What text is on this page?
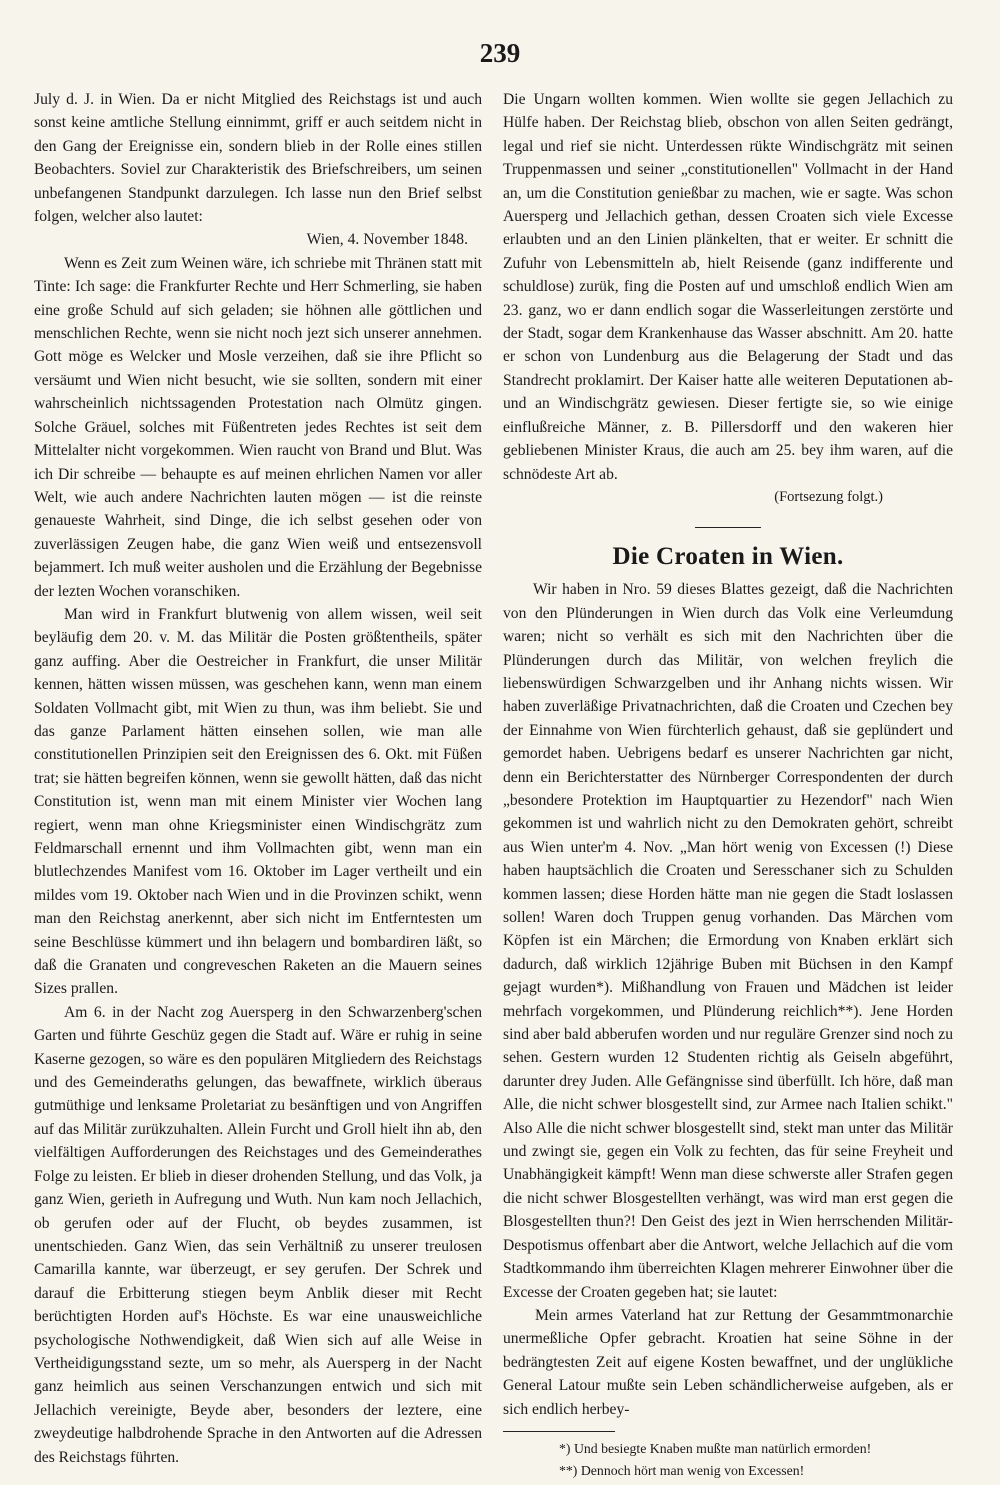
239

July d. J. in Wien. Da er nicht Mitglied des Reichstags ist und auch sonst keine amtliche Stellung einnimmt, griff er auch seitdem nicht in den Gang der Ereignisse ein, sondern blieb in der Rolle eines stillen Beobachters. Soviel zur Charakteristik des Briefschreibers, um seinen unbefangenen Standpunkt darzulegen. Ich lasse nun den Brief selbst folgen, welcher also lautet:

Wien, 4. November 1848.

Wenn es Zeit zum Weinen wäre, ich schriebe mit Thränen statt mit Tinte: Ich sage: die Frankfurter Rechte und Herr Schmerling, sie haben eine große Schuld auf sich geladen; sie höhnen alle göttlichen und menschlichen Rechte, wenn sie nicht noch jezt sich unserer annehmen. Gott möge es Welcker und Mosle verzeihen, daß sie ihre Pflicht so versäumt und Wien nicht besucht, wie sie sollten, sondern mit einer wahrscheinlich nichtssagenden Protestation nach Olmütz gingen. Solche Gräuel, solches mit Füßentreten jedes Rechtes ist seit dem Mittelalter nicht vorgekommen. Wien raucht von Brand und Blut. Was ich Dir schreibe — behaupte es auf meinen ehrlichen Namen vor aller Welt, wie auch andere Nachrichten lauten mögen — ist die reinste genaueste Wahrheit, sind Dinge, die ich selbst gesehen oder von zuverlässigen Zeugen habe, die ganz Wien weiß und entsezensvoll bejammert. Ich muß weiter ausholen und die Erzählung der Begebnisse der lezten Wochen voranschiken.

Man wird in Frankfurt blutwenig von allem wissen, weil seit beyläufig dem 20. v. M. das Militär die Posten größtentheils, später ganz auffing. Aber die Oestreicher in Frankfurt, die unser Militär kennen, hätten wissen müssen, was geschehen kann, wenn man einem Soldaten Vollmacht gibt, mit Wien zu thun, was ihm beliebt. Sie und das ganze Parlament hätten einsehen sollen, wie man alle constitutionellen Prinzipien seit den Ereignissen des 6. Okt. mit Füßen trat; sie hätten begreifen können, wenn sie gewollt hätten, daß das nicht Constitution ist, wenn man mit einem Minister vier Wochen lang regiert, wenn man ohne Kriegsminister einen Windischgrätz zum Feldmarschall ernennt und ihm Vollmachten gibt, wenn man ein blutlechzendes Manifest vom 16. Oktober im Lager vertheilt und ein mildes vom 19. Oktober nach Wien und in die Provinzen schikt, wenn man den Reichstag anerkennt, aber sich nicht im Entferntesten um seine Beschlüsse kümmert und ihn belagern und bombardiren läßt, so daß die Granaten und congreveschen Raketen an die Mauern seines Sizes prallen.

Am 6. in der Nacht zog Auersperg in den Schwarzenberg'schen Garten und führte Geschüz gegen die Stadt auf. Wäre er ruhig in seine Kaserne gezogen, so wäre es den populären Mitgliedern des Reichstags und des Gemeinderaths gelungen, das bewaffnete, wirklich überaus gutmüthige und lenksame Proletariat zu besänftigen und von Angriffen auf das Militär zurükzuhalten. Allein Furcht und Groll hielt ihn ab, den vielfältigen Aufforderungen des Reichstages und des Gemeinderathes Folge zu leisten. Er blieb in dieser drohenden Stellung, und das Volk, ja ganz Wien, gerieth in Aufregung und Wuth. Nun kam noch Jellachich, ob gerufen oder auf der Flucht, ob beydes zusammen, ist unentschieden. Ganz Wien, das sein Verhältniß zu unserer treulosen Camarilla kannte, war überzeugt, er sey gerufen. Der Schrek und darauf die Erbitterung stiegen beym Anblik dieser mit Recht berüchtigten Horden auf's Höchste. Es war eine unausweichliche psychologische Nothwendigkeit, daß Wien sich auf alle Weise in Vertheidigungsstand sezte, um so mehr, als Auersperg in der Nacht ganz heimlich aus seinen Verschanzungen entwich und sich mit Jellachich vereinigte, Beyde aber, besonders der leztere, eine zweydeutige halbdrohende Sprache in den Antworten auf die Adressen des Reichstags führten.

Die Ungarn wollten kommen. Wien wollte sie gegen Jellachich zu Hülfe haben. Der Reichstag blieb, obschon von allen Seiten gedrängt, legal und rief sie nicht. Unterdessen rükte Windischgrätz mit seinen Truppenmassen und seiner „constitutionellen" Vollmacht in der Hand an, um die Constitution genießbar zu machen, wie er sagte. Was schon Auersperg und Jellachich gethan, dessen Croaten sich viele Excesse erlaubten und an den Linien plänkelten, that er weiter. Er schnitt die Zufuhr von Lebensmitteln ab, hielt Reisende (ganz indifferente und schuldlose) zurük, fing die Posten auf und umschloß endlich Wien am 23. ganz, wo er dann endlich sogar die Wasserleitungen zerstörte und der Stadt, sogar dem Krankenhause das Wasser abschnitt. Am 20. hatte er schon von Lundenburg aus die Belagerung der Stadt und das Standrecht proklamirt. Der Kaiser hatte alle weiteren Deputationen ab- und an Windischgrätz gewiesen. Dieser fertigte sie, so wie einige einflußreiche Männer, z. B. Pillersdorff und den wakeren hier gebliebenen Minister Kraus, die auch am 25. bey ihm waren, auf die schnödeste Art ab.

(Fortsezung folgt.)

Die Croaten in Wien.

Wir haben in Nro. 59 dieses Blattes gezeigt, daß die Nachrichten von den Plünderungen in Wien durch das Volk eine Verleumdung waren; nicht so verhält es sich mit den Nachrichten über die Plünderungen durch das Militär, von welchen freylich die liebenswürdigen Schwarzgelben und ihr Anhang nichts wissen. Wir haben zuverläßige Privatnachrichten, daß die Croaten und Czechen bey der Einnahme von Wien fürchterlich gehaust, daß sie geplündert und gemordet haben. Uebrigens bedarf es unserer Nachrichten gar nicht, denn ein Berichterstatter des Nürnberger Correspondenten der durch „besondere Protektion im Hauptquartier zu Hezendorf" nach Wien gekommen ist und wahrlich nicht zu den Demokraten gehört, schreibt aus Wien unter'm 4. Nov. „Man hört wenig von Excessen (!) Diese haben hauptsächlich die Croaten und Seresschaner sich zu Schulden kommen lassen; diese Horden hätte man nie gegen die Stadt loslassen sollen! Waren doch Truppen genug vorhanden. Das Märchen vom Köpfen ist ein Märchen; die Ermordung von Knaben erklärt sich dadurch, daß wirklich 12jährige Buben mit Büchsen in den Kampf gejagt wurden*). Mißhandlung von Frauen und Mädchen ist leider mehrfach vorgekommen, und Plünderung reichlich**). Jene Horden sind aber bald abberufen worden und nur reguläre Grenzer sind noch zu sehen. Gestern wurden 12 Studenten richtig als Geiseln abgeführt, darunter drey Juden. Alle Gefängnisse sind überfüllt. Ich höre, daß man Alle, die nicht schwer blosgestellt sind, zur Armee nach Italien schikt." Also Alle die nicht schwer blosgestellt sind, stekt man unter das Militär und zwingt sie, gegen ein Volk zu fechten, das für seine Freyheit und Unabhängigkeit kämpft! Wenn man diese schwerste aller Strafen gegen die nicht schwer Blosgestellten verhängt, was wird man erst gegen die Blosgestellten thun?! Den Geist des jezt in Wien herrschenden Militär-Despotismus offenbart aber die Antwort, welche Jellachich auf die vom Stadtkommando ihm überreichten Klagen mehrerer Einwohner über die Excesse der Croaten gegeben hat; sie lautet:

Mein armes Vaterland hat zur Rettung der Gesammtmonarchie unermeßliche Opfer gebracht. Kroatien hat seine Söhne in der bedrängtesten Zeit auf eigene Kosten bewaffnet, und der unglükliche General Latour mußte sein Leben schändlicherweise aufgeben, als er sich endlich herbey-

*) Und besiegte Knaben mußte man natürlich ermorden!

**) Dennoch hört man wenig von Excessen!
